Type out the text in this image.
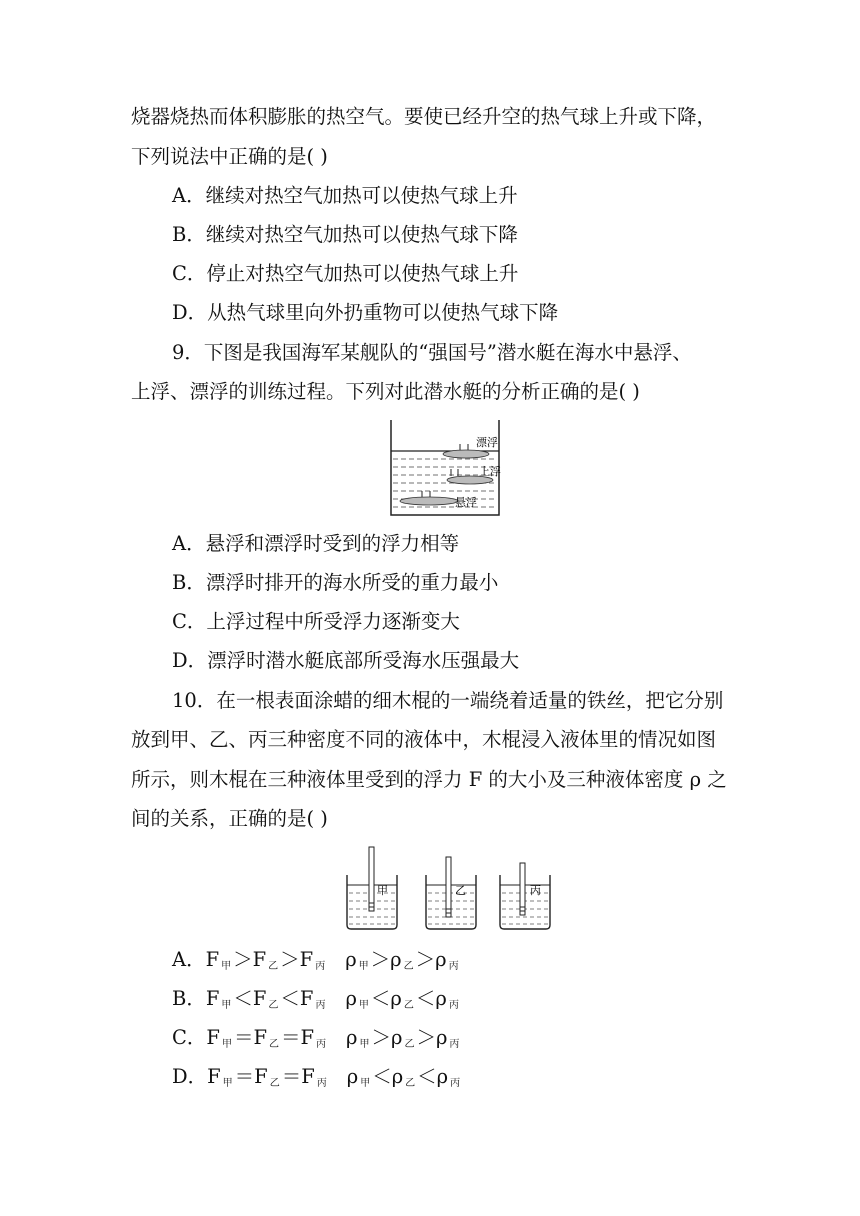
烧器烧热而体积膨胀的热空气。要使已经升空的热气球上升或下降，
下列说法中正确的是( )
A．继续对热空气加热可以使热气球上升
B．继续对热空气加热可以使热气球下降
C．停止对热空气加热可以使热气球上升
D．从热气球里向外扔重物可以使热气球下降
9．下图是我国海军某舰队的“强国号”潜水艇在海水中悬浮、
上浮、漂浮的训练过程。下列对此潜水艇的分析正确的是( )
漂浮
上浮
悬浮
A．悬浮和漂浮时受到的浮力相等
B．漂浮时排开的海水所受的重力最小
C．上浮过程中所受浮力逐渐变大
D．漂浮时潜水艇底部所受海水压强最大
10．在一根表面涂蜡的细木棍的一端绕着适量的铁丝，把它分别
放到甲、乙、丙三种密度不同的液体中，木棍浸入液体里的情况如图
所示，则木棍在三种液体里受到的浮力 F 的大小及三种液体密度 ρ 之
间的关系，正确的是( )
甲	乙	丙
A．F $_甲$ ＞F $_乙$ ＞F $_丙$ ρ $_甲$ ＞ρ $_乙$ ＞ρ $_丙$
B．F $_甲$ ＜F $_乙$ ＜F $_丙$ ρ $_甲$ ＜ρ $_乙$ ＜ρ $_丙$
C．F $_甲$ ＝F $_乙$ ＝F $_丙$ ρ $_甲$ ＞ρ $_乙$ ＞ρ $_丙$
D．F $_甲$ ＝F $_乙$ ＝F $_丙$ ρ $_甲$ ＜ρ $_乙$ ＜ρ $_丙$
